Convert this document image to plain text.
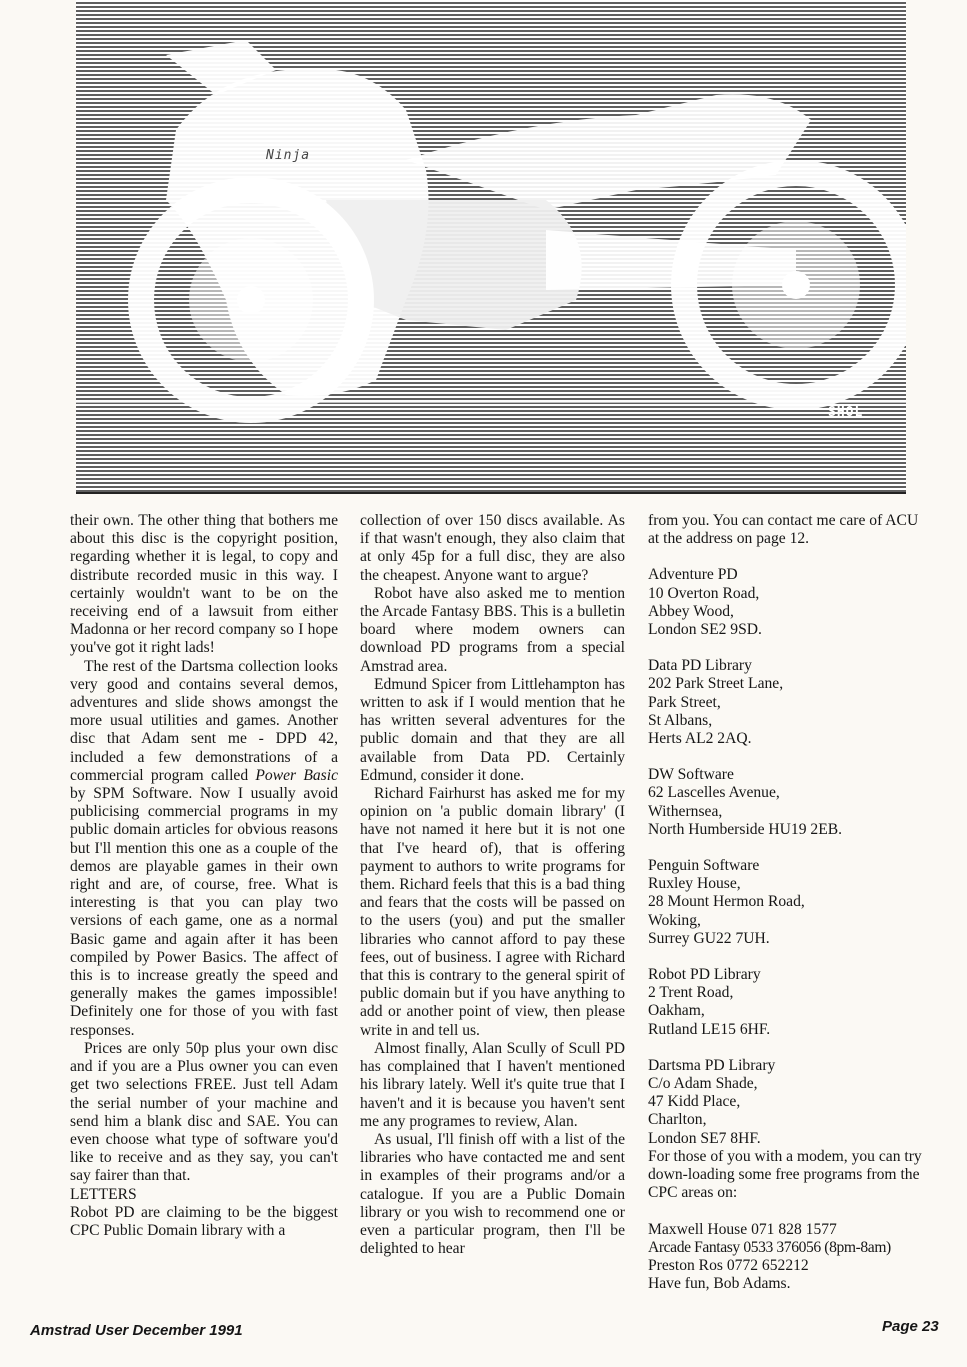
Ninja
SHOL

their own. The other thing that bothers me about this disc is the copyright position, regarding whether it is legal, to copy and distribute recorded music in this way. I certainly wouldn't want to be on the receiving end of a lawsuit from either Madonna or her record company so I hope you've got it right lads!

The rest of the Dartsma collection looks very good and contains several demos, adventures and slide shows amongst the more usual utilities and games. Another disc that Adam sent me - DPD 42, included a few demonstrations of a commercial program called Power Basic by SPM Software. Now I usually avoid publicising commercial programs in my public domain articles for obvious reasons but I'll mention this one as a couple of the demos are playable games in their own right and are, of course, free. What is interesting is that you can play two versions of each game, one as a normal Basic game and again after it has been compiled by Power Basics. The affect of this is to increase greatly the speed and generally makes the games impossible! Definitely one for those of you with fast responses.

Prices are only 50p plus your own disc and if you are a Plus owner you can even get two selections FREE. Just tell Adam the serial number of your machine and send him a blank disc and SAE. You can even choose what type of software you'd like to receive and as they say, you can't say fairer than that.

LETTERS

Robot PD are claiming to be the biggest CPC Public Domain library with a

collection of over 150 discs available. As if that wasn't enough, they also claim that at only 45p for a full disc, they are also the cheapest. Anyone want to argue?

Robot have also asked me to mention the Arcade Fantasy BBS. This is a bulletin board where modem owners can download PD programs from a special Amstrad area.

Edmund Spicer from Littlehampton has written to ask if I would mention that he has written several adventures for the public domain and that they are all available from Data PD. Certainly Edmund, consider it done.

Richard Fairhurst has asked me for my opinion on 'a public domain library' (I have not named it here but it is not one that I've heard of), that is offering payment to authors to write programs for them. Richard feels that this is a bad thing and fears that the costs will be passed on to the users (you) and put the smaller libraries who cannot afford to pay these fees, out of business. I agree with Richard that this is contrary to the general spirit of public domain but if you have anything to add or another point of view, then please write in and tell us.

Almost finally, Alan Scully of Scull PD has complained that I haven't mentioned his library lately. Well it's quite true that I haven't and it is because you haven't sent me any programes to review, Alan.

As usual, I'll finish off with a list of the libraries who have contacted me and sent in examples of their programs and/or a catalogue. If you are a Public Domain library or you wish to recommend one or even a particular program, then I'll be delighted to hear

from you. You can contact me care of ACU at the address on page 12.

Adventure PD
10 Overton Road,
Abbey Wood,
London SE2 9SD.
Data PD Library
202 Park Street Lane,
Park Street,
St Albans,
Herts AL2 2AQ.
DW Software
62 Lascelles Avenue,
Withernsea,
North Humberside HU19 2EB.
Penguin Software
Ruxley House,
28 Mount Hermon Road,
Woking,
Surrey GU22 7UH.
Robot PD Library
2 Trent Road,
Oakham,
Rutland LE15 6HF.
Dartsma PD Library
C/o Adam Shade,
47 Kidd Place,
Charlton,
London SE7 8HF.

For those of you with a modem, you can try down-loading some free programs from the CPC areas on:

Maxwell House 071 828 1577
Arcade Fantasy 0533 376056 (8pm-8am)
Preston Ros 0772 652212
Have fun, Bob Adams.
Amstrad User December 1991	Page 23
